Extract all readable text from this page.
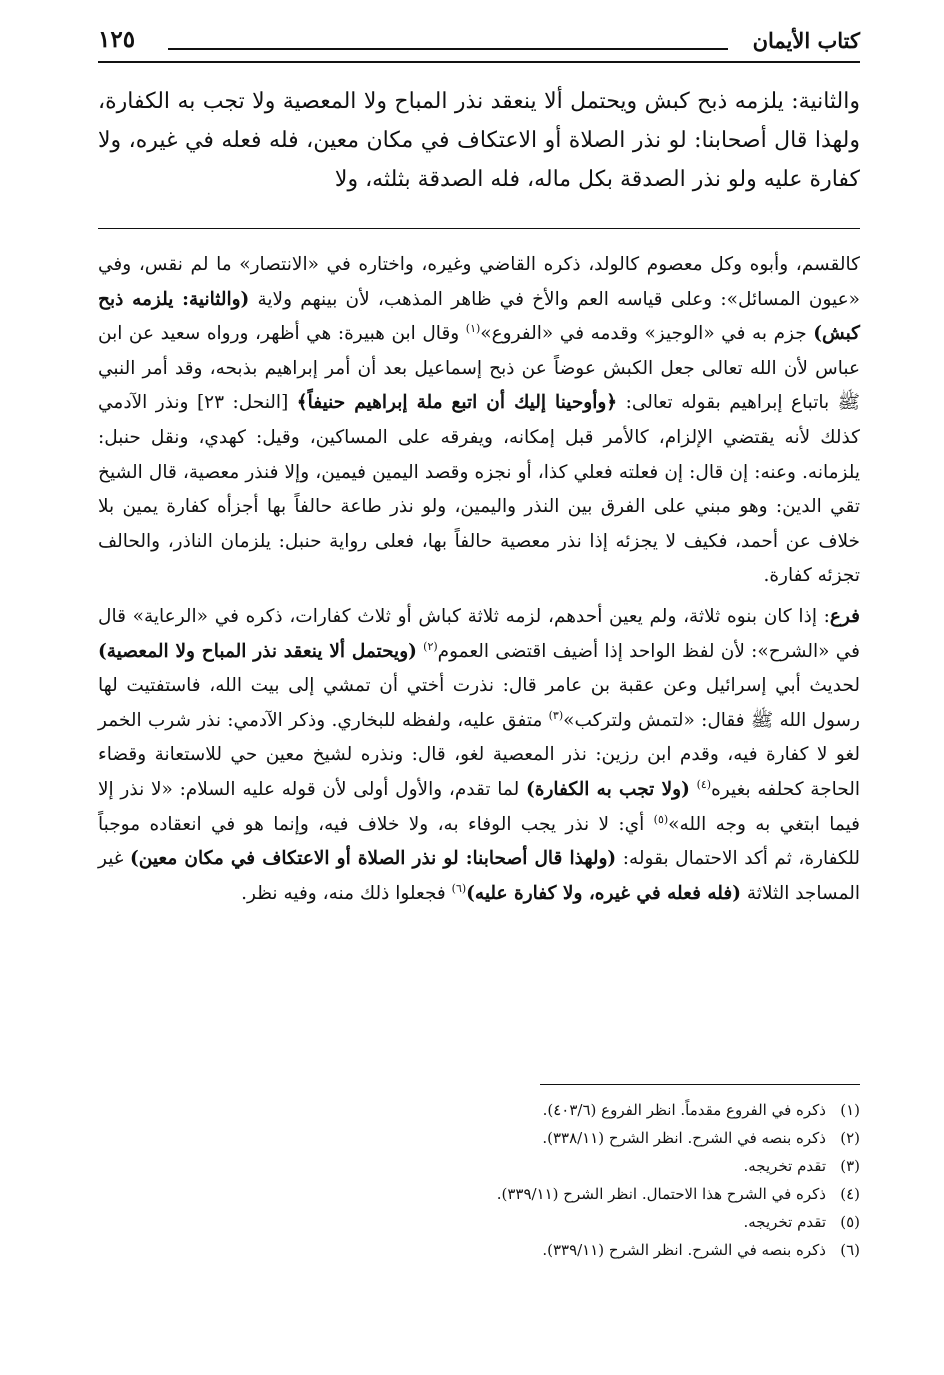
كتاب الأيمان
١٢٥

والثانية: يلزمه ذبح كبش ويحتمل ألا ينعقد نذر المباح ولا المعصية ولا تجب به الكفارة، ولهذا قال أصحابنا: لو نذر الصلاة أو الاعتكاف في مكان معين، فله فعله في غيره، ولا كفارة عليه ولو نذر الصدقة بكل ماله، فله الصدقة بثلثه، ولا

كالقسم، وأبوه وكل معصوم كالولد، ذكره القاضي وغيره، واختاره في «الانتصار» ما لم نقس، وفي «عيون المسائل»: وعلى قياسه العم والأخ في ظاهر المذهب، لأن بينهم ولاية (والثانية: يلزمه ذبح كبش) جزم به في «الوجيز» وقدمه في «الفروع»$^{(١)}$ وقال ابن هبيرة: هي أظهر، ورواه سعيد عن ابن عباس لأن الله تعالى جعل الكبش عوضاً عن ذبح إسماعيل بعد أن أمر إبراهيم بذبحه، وقد أمر النبي ﷺ باتباع إبراهيم بقوله تعالى: ﴿وأوحينا إليك أن اتبع ملة إبراهيم حنيفاً﴾ [النحل: ٢٣] ونذر الآدمي كذلك لأنه يقتضي الإلزام، كالأمر قبل إمكانه، ويفرقه على المساكين، وقيل: كهدي، ونقل حنبل: يلزمانه. وعنه: إن قال: إن فعلته فعلي كذا، أو نجزه وقصد اليمين فيمين، وإلا فنذر معصية، قال الشيخ تقي الدين: وهو مبني على الفرق بين النذر واليمين، ولو نذر طاعة حالفاً بها أجزأه كفارة يمين بلا خلاف عن أحمد، فكيف لا يجزئه إذا نذر معصية حالفاً بها، فعلى رواية حنبل: يلزمان الناذر، والحالف تجزئه كفارة.

فرع: إذا كان بنوه ثلاثة، ولم يعين أحدهم، لزمه ثلاثة كباش أو ثلاث كفارات، ذكره في «الرعاية» قال في «الشرح»: لأن لفظ الواحد إذا أضيف اقتضى العموم$^{(٢)}$ (ويحتمل ألا ينعقد نذر المباح ولا المعصية) لحديث أبي إسرائيل وعن عقبة بن عامر قال: نذرت أختي أن تمشي إلى بيت الله، فاستفتيت لها رسول الله ﷺ فقال: «لتمش ولتركب»$^{(٣)}$ متفق عليه، ولفظه للبخاري. وذكر الآدمي: نذر شرب الخمر لغو لا كفارة فيه، وقدم ابن رزين: نذر المعصية لغو، قال: ونذره لشيخ معين حي للاستعانة وقضاء الحاجة كحلفه بغيره$^{(٤)}$ (ولا تجب به الكفارة) لما تقدم، والأول أولى لأن قوله عليه السلام: «لا نذر إلا فيما ابتغي به وجه الله»$^{(٥)}$ أي: لا نذر يجب الوفاء به، ولا خلاف فيه، وإنما هو في انعقاده موجباً للكفارة، ثم أكد الاحتمال بقوله: (ولهذا قال أصحابنا: لو نذر الصلاة أو الاعتكاف في مكان معين) غير المساجد الثلاثة (فله فعله في غيره، ولا كفارة عليه)$^{(٦)}$ فجعلوا ذلك منه، وفيه نظر.

(١)ذكره في الفروع مقدماً. انظر الفروع (٤٠٣/٦).
(٢)ذكره بنصه في الشرح. انظر الشرح (٣٣٨/١١).
(٣)تقدم تخريجه.
(٤)ذكره في الشرح هذا الاحتمال. انظر الشرح (٣٣٩/١١).
(٥)تقدم تخريجه.
(٦)ذكره بنصه في الشرح. انظر الشرح (٣٣٩/١١).
